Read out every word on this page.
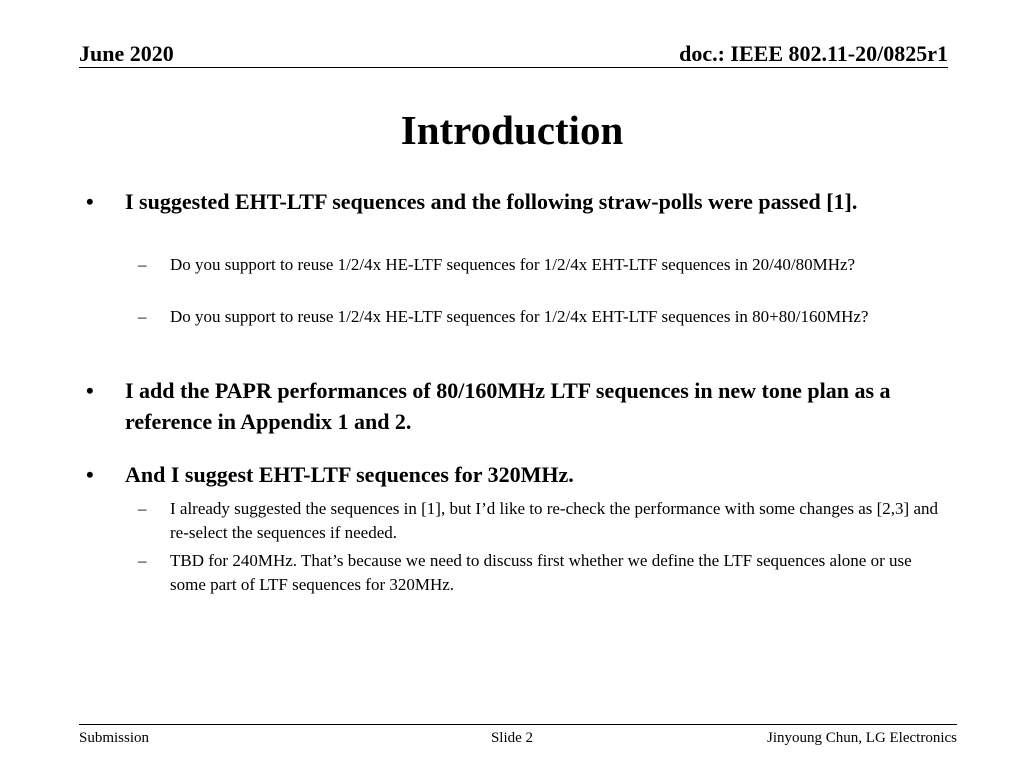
June 2020	doc.: IEEE 802.11-20/0825r1
Introduction
• I suggested EHT-LTF sequences and the following straw-polls were passed [1].
– Do you support to reuse 1/2/4x HE-LTF sequences for 1/2/4x EHT-LTF sequences in 20/40/80MHz?
– Do you support to reuse 1/2/4x HE-LTF sequences for 1/2/4x EHT-LTF sequences in 80+80/160MHz?
• I add the PAPR performances of 80/160MHz LTF sequences in new tone plan as a reference in Appendix 1 and 2.
• And I suggest EHT-LTF sequences for 320MHz.
– I already suggested the sequences in [1], but I’d like to re-check the performance with some changes as [2,3] and re-select the sequences if needed.
– TBD for 240MHz. That’s because we need to discuss first whether we define the LTF sequences alone or use some part of LTF sequences for 320MHz.
Submission	Slide 2	Jinyoung Chun, LG Electronics
